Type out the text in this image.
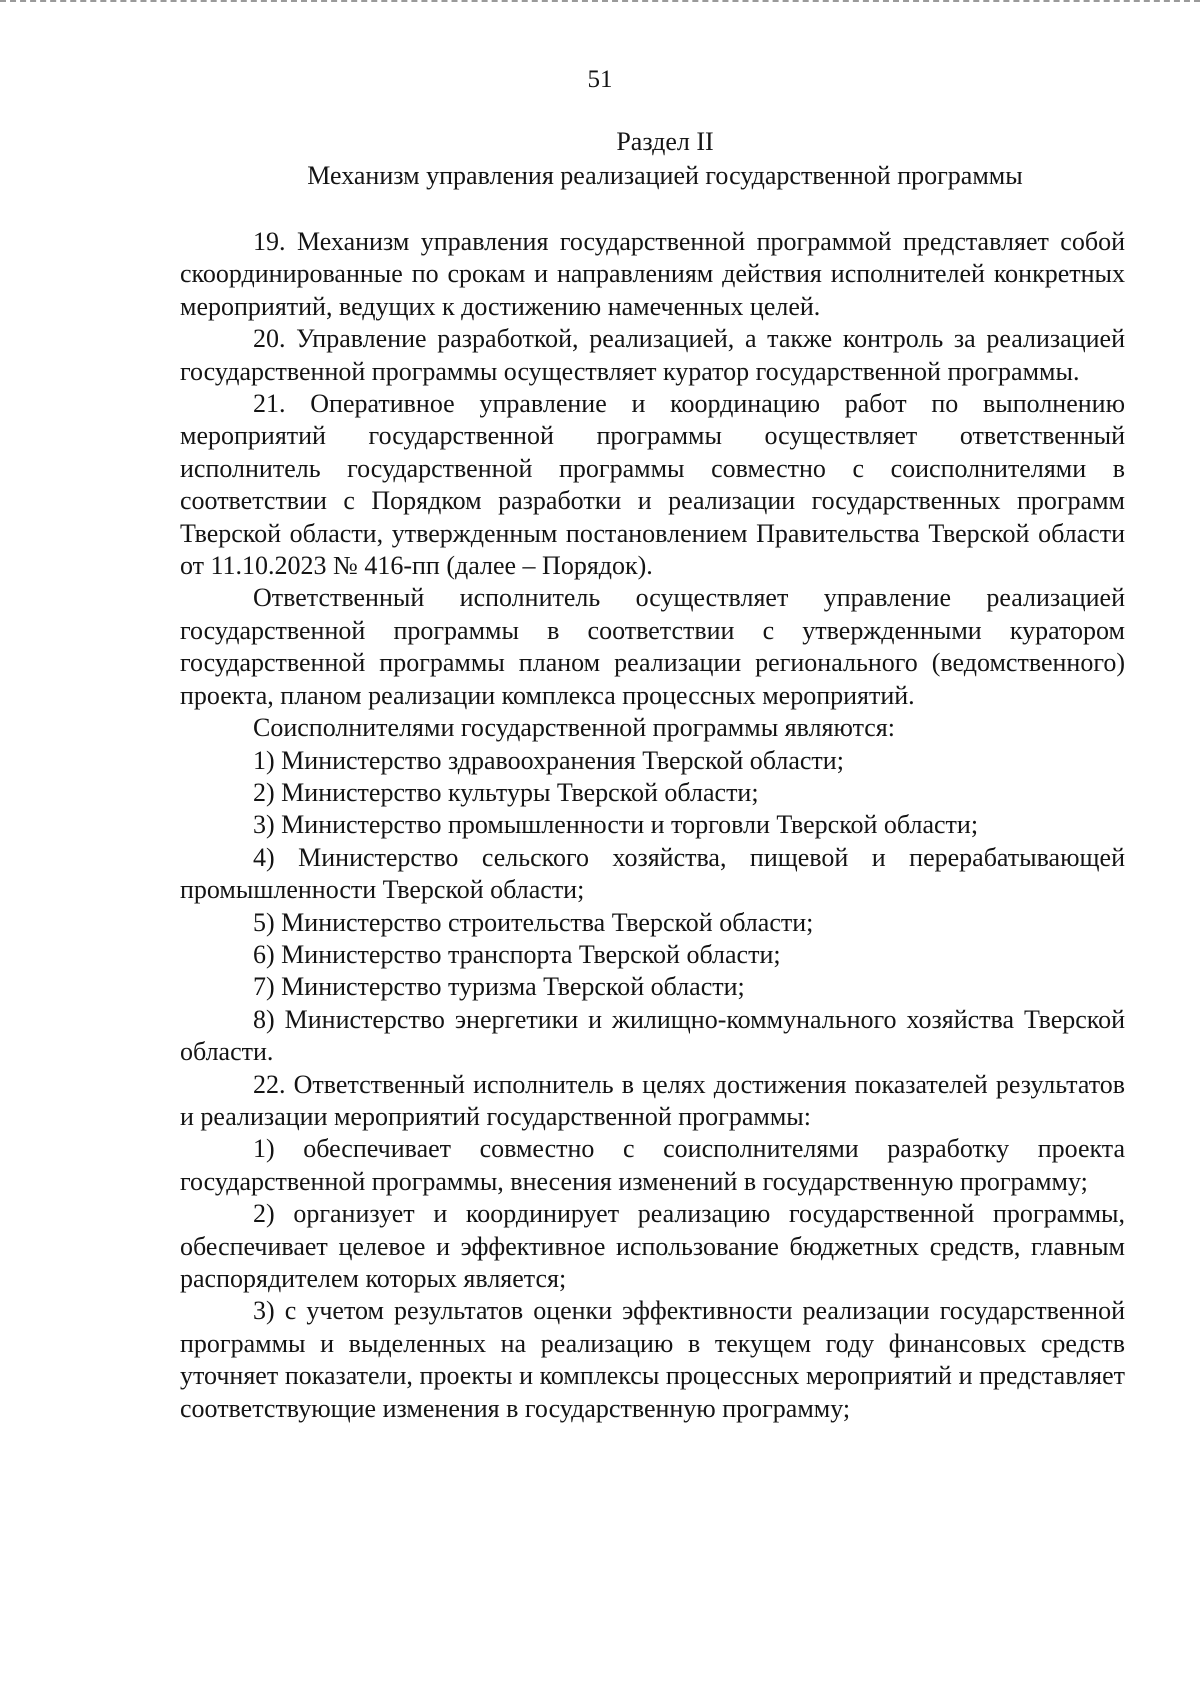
51
Раздел II
Механизм управления реализацией государственной программы

19. Механизм управления государственной программой представляет собой скоординированные по срокам и направлениям действия исполнителей конкретных мероприятий, ведущих к достижению намеченных целей.

20. Управление разработкой, реализацией, а также контроль за реализацией государственной программы осуществляет куратор государственной программы.

21. Оперативное управление и координацию работ по выполнению мероприятий государственной программы осуществляет ответственный исполнитель государственной программы совместно с соисполнителями в соответствии с Порядком разработки и реализации государственных программ Тверской области, утвержденным постановлением Правительства Тверской области от 11.10.2023 № 416-пп (далее – Порядок).

Ответственный исполнитель осуществляет управление реализацией государственной программы в соответствии с утвержденными куратором государственной программы планом реализации регионального (ведомственного) проекта, планом реализации комплекса процессных мероприятий.

Соисполнителями государственной программы являются:

1) Министерство здравоохранения Тверской области;

2) Министерство культуры Тверской области;

3) Министерство промышленности и торговли Тверской области;

4) Министерство сельского хозяйства, пищевой и перерабатывающей промышленности Тверской области;

5) Министерство строительства Тверской области;

6) Министерство транспорта Тверской области;

7) Министерство туризма Тверской области;

8) Министерство энергетики и жилищно-коммунального хозяйства Тверской области.

22. Ответственный исполнитель в целях достижения показателей результатов и реализации мероприятий государственной программы:

1) обеспечивает совместно с соисполнителями разработку проекта государственной программы, внесения изменений в государственную программу;

2) организует и координирует реализацию государственной программы, обеспечивает целевое и эффективное использование бюджетных средств, главным распорядителем которых является;

3) с учетом результатов оценки эффективности реализации государственной программы и выделенных на реализацию в текущем году финансовых средств уточняет показатели, проекты и комплексы процессных мероприятий и представляет соответствующие изменения в государственную программу;
